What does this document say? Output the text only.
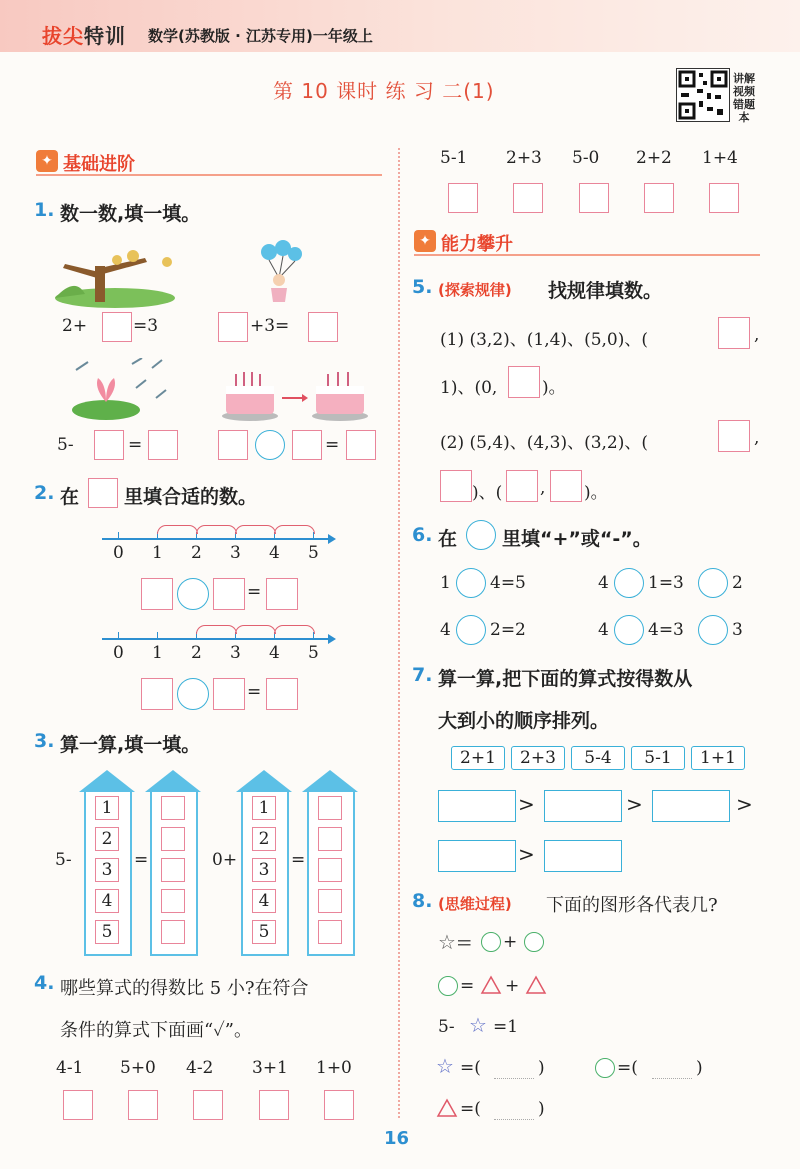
拔尖特训 数学(苏教版 · 江苏专用)一年级上
第 10 课时 练 习 二(1)
讲解视频错题本
✦ 基础进阶
1. 数一数,填一填。
2+	=3	+3=
5-	=	=
2. 在 里填合适的数。
0 1 2 3 4 5
=
0 1 2 3 4 5
=
3. 算一算,填一填。
1
2
3
4
5
1
2
3
4
5
5-	=	0+	=
4. 哪些算式的得数比 5 小?在符合
条件的算式下面画“✓”。
4-1 5+0 4-2 3+1 1+0
5-1 2+3 5-0 2+2 1+4
✦ 能力攀升
5. (探索规律) 找规律填数。
(1) (3,2)、(1,4)、(5,0)、(	,
1)、(0,	)。
(2) (5,4)、(4,3)、(3,2)、(	,
)、( , )。
6. 在 里填“+”或“-”。
1 4=5	4 1=3	2
4 2=2	4 4=3	3
7. 算一算,把下面的算式按得数从
大到小的顺序排列。
2+1	2+3	5-4	5-1	1+1
>	>	>
>
8. (思维过程) 下面的图形各代表几?
☆= +
= +
5- ☆ =1
☆ =(	)	=(	)
=(	)
16
